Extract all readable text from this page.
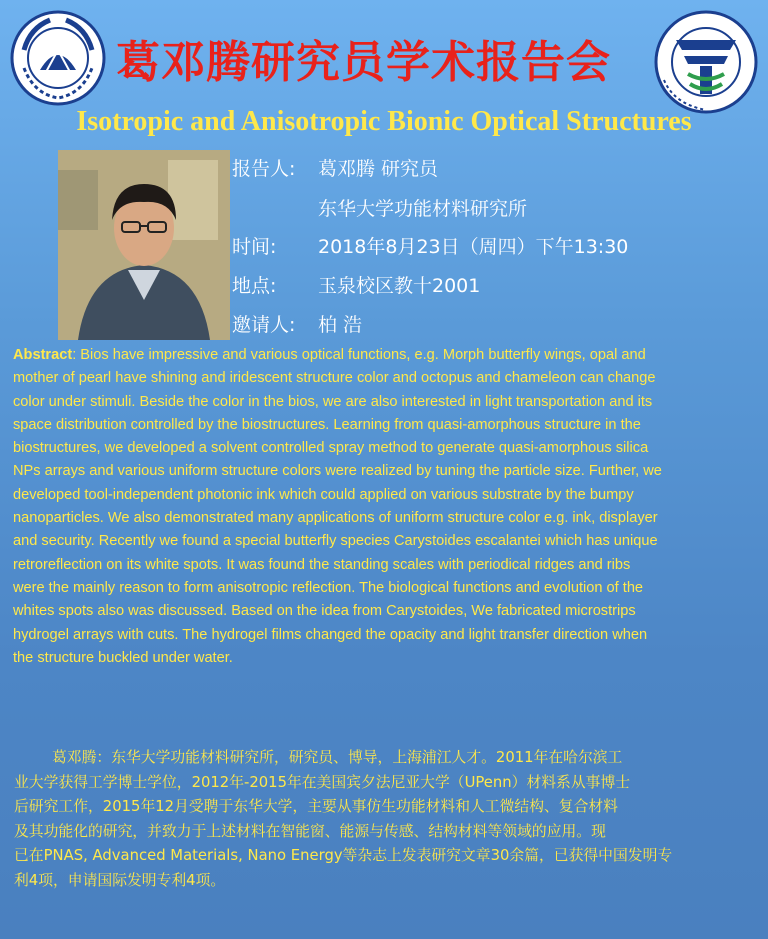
葛邓腾研究员学术报告会
Isotropic and Anisotropic Bionic Optical Structures
报告人: 葛邓腾 研究员
东华大学功能材料研究所
时间: 2018年8月23日（周四）下午13:30
地点: 玉泉校区教十2001
邀请人: 柏 浩
Abstract: Bios have impressive and various optical functions, e.g. Morph butterfly wings, opal and
mother of pearl have shining and iridescent structure color and octopus and chameleon can change
color under stimuli. Beside the color in the bios, we are also interested in light transportation and its
space distribution controlled by the biostructures. Learning from quasi-amorphous structure in the
biostructures, we developed a solvent controlled spray method to generate quasi-amorphous silica
NPs arrays and various uniform structure colors were realized by tuning the particle size. Further, we
developed tool-independent photonic ink which could applied on various substrate by the bumpy
nanoparticles. We also demonstrated many applications of uniform structure color e.g. ink, displayer
and security. Recently we found a special butterfly species Carystoides escalantei which has unique
retroreflection on its white spots. It was found the standing scales with periodical ridges and ribs
were the mainly reason to form anisotropic reflection. The biological functions and evolution of the
whites spots also was discussed. Based on the idea from Carystoides, We fabricated microstrips
hydrogel arrays with cuts. The hydrogel films changed the opacity and light transfer direction when
the structure buckled under water.
葛邓腾：东华大学功能材料研究所，研究员、博导，上海浦江人才。2011年在哈尔滨工
业大学获得工学博士学位，2012年-2015年在美国宾夕法尼亚大学（UPenn）材料系从事博士
后研究工作，2015年12月受聘于东华大学，主要从事仿生功能材料和人工微结构、复合材料
及其功能化的研究，并致力于上述材料在智能窗、能源与传感、结构材料等领域的应用。现
已在PNAS, Advanced Materials, Nano Energy等杂志上发表研究文章30余篇，已获得中国发明专
利4项，申请国际发明专利4项。
